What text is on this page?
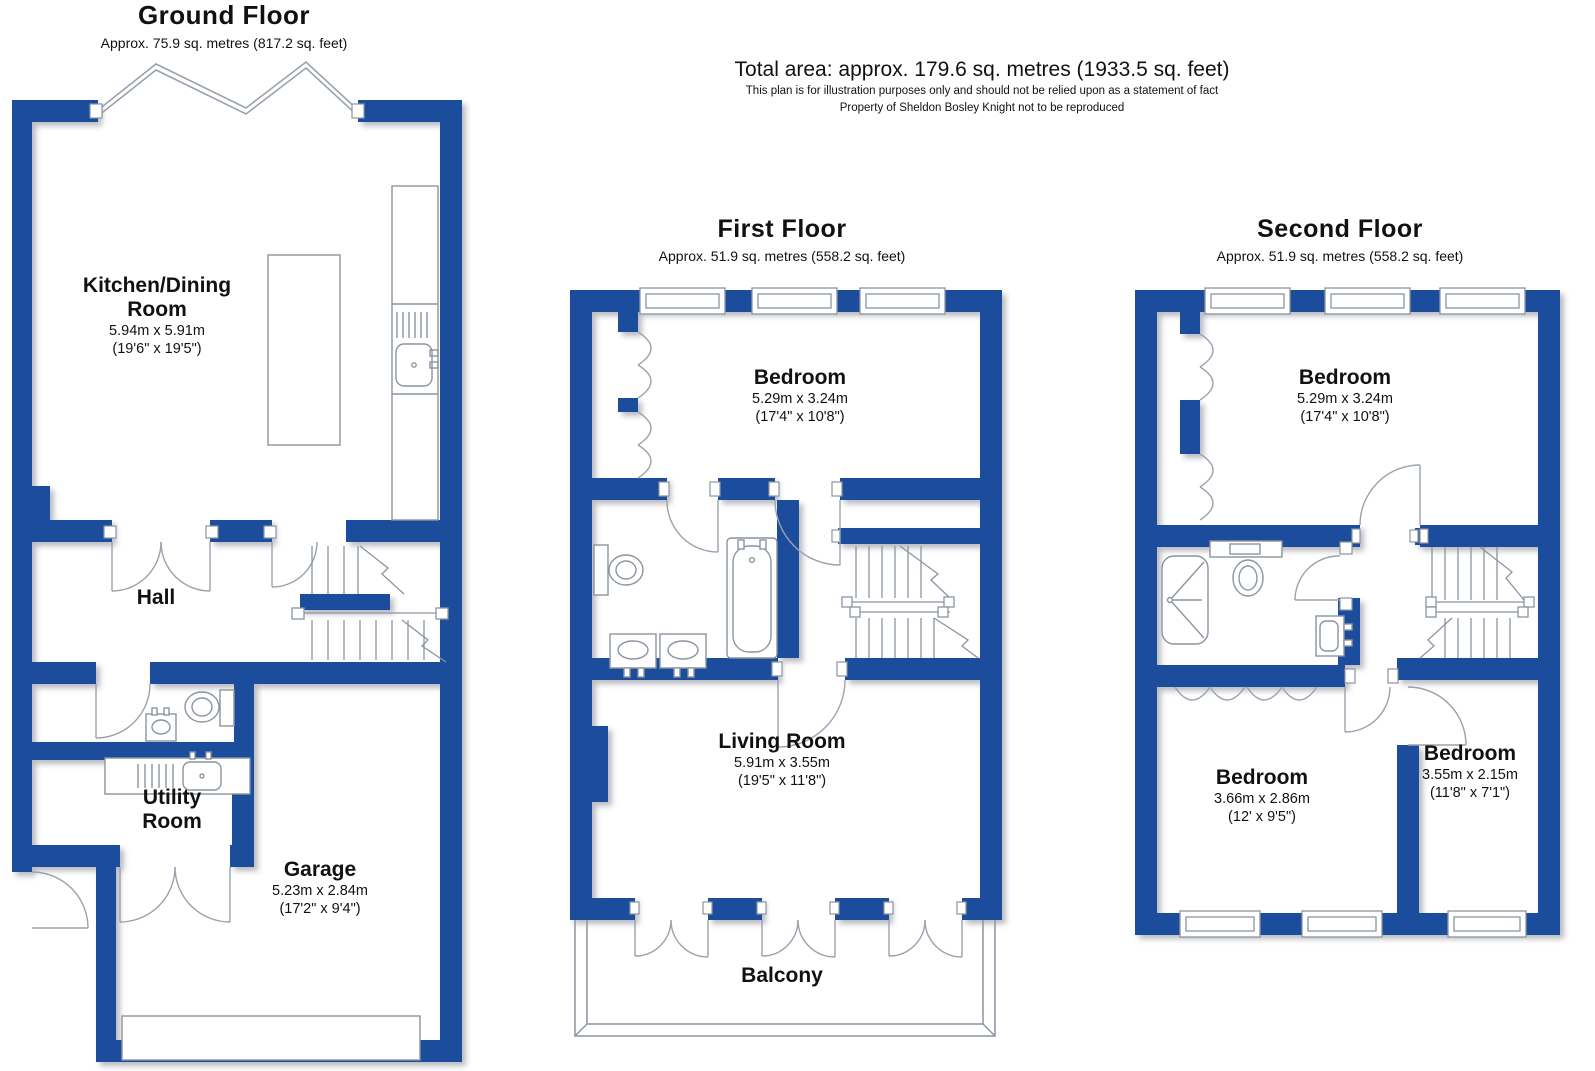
Ground Floor
Approx. 75.9 sq. metres (817.2 sq. feet)
Total area: approx. 179.6 sq. metres (1933.5 sq. feet)
This plan is for illustration purposes only and should not be relied upon as a statement of fact
Property of Sheldon Bosley Knight not to be reproduced
First Floor
Approx. 51.9 sq. metres (558.2 sq. feet)
Second Floor
Approx. 51.9 sq. metres (558.2 sq. feet)
Kitchen/Dining Room
5.94m x 5.91m
(19'6" x 19'5")
Hall
Utility Room
Garage
5.23m x 2.84m
(17'2" x 9'4")
Bedroom
5.29m x 3.24m
(17'4" x 10'8")
Living Room
5.91m x 3.55m
(19'5" x 11'8")
Balcony
Bedroom
5.29m x 3.24m
(17'4" x 10'8")
Bedroom
3.66m x 2.86m
(12' x 9'5")
Bedroom
3.55m x 2.15m
(11'8" x 7'1")
